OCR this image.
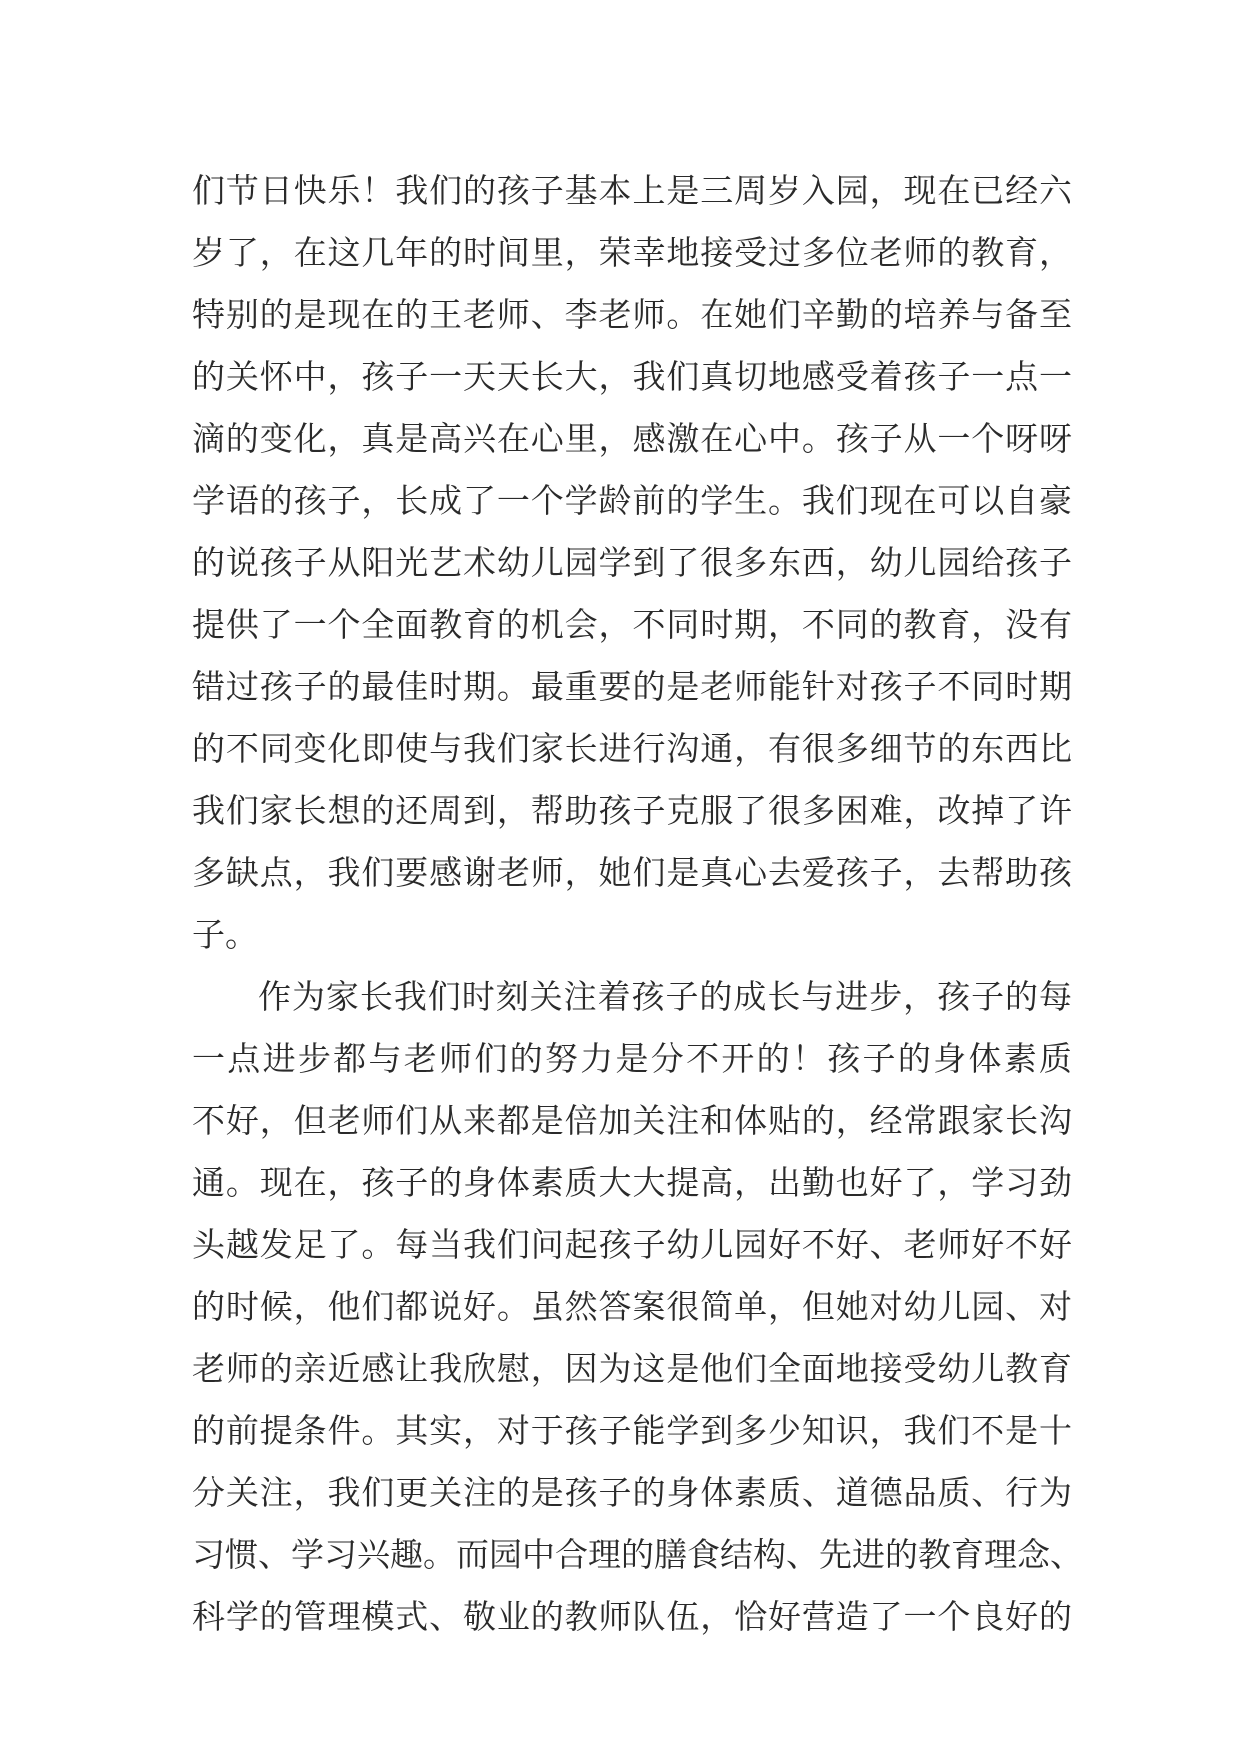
们节日快乐！我们的孩子基本上是三周岁入园，现在已经六
岁了，在这几年的时间里，荣幸地接受过多位老师的教育，
特别的是现在的王老师、李老师。在她们辛勤的培养与备至
的关怀中，孩子一天天长大，我们真切地感受着孩子一点一
滴的变化，真是高兴在心里，感激在心中。孩子从一个呀呀
学语的孩子，长成了一个学龄前的学生。我们现在可以自豪
的说孩子从阳光艺术幼儿园学到了很多东西，幼儿园给孩子
提供了一个全面教育的机会，不同时期，不同的教育，没有
错过孩子的最佳时期。最重要的是老师能针对孩子不同时期
的不同变化即使与我们家长进行沟通，有很多细节的东西比
我们家长想的还周到，帮助孩子克服了很多困难，改掉了许
多缺点，我们要感谢老师，她们是真心去爱孩子，去帮助孩
子。
作为家长我们时刻关注着孩子的成长与进步，孩子的每
一点进步都与老师们的努力是分不开的！孩子的身体素质
不好，但老师们从来都是倍加关注和体贴的，经常跟家长沟
通。现在，孩子的身体素质大大提高，出勤也好了，学习劲
头越发足了。每当我们问起孩子幼儿园好不好、老师好不好
的时候，他们都说好。虽然答案很简单，但她对幼儿园、对
老师的亲近感让我欣慰，因为这是他们全面地接受幼儿教育
的前提条件。其实，对于孩子能学到多少知识，我们不是十
分关注，我们更关注的是孩子的身体素质、道德品质、行为
习惯、学习兴趣。而园中合理的膳食结构、先进的教育理念、
科学的管理模式、敬业的教师队伍，恰好营造了一个良好的
